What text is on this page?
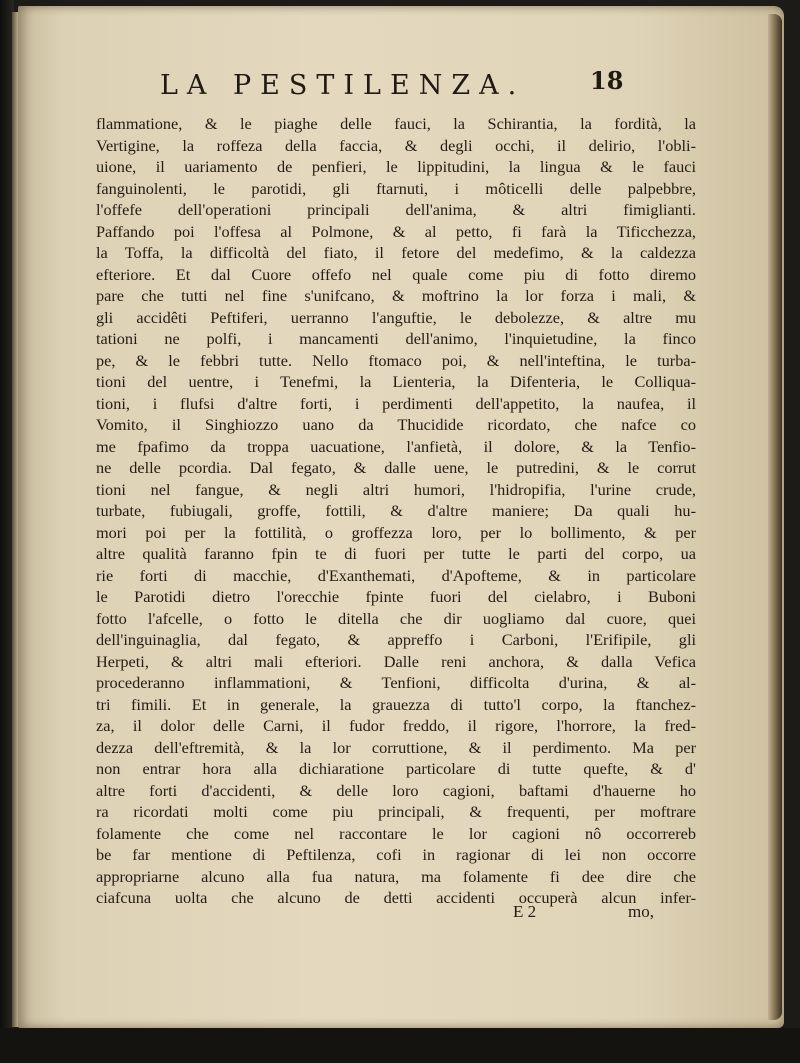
LA PESTILENZA.	18
flammatione, & le piaghe delle fauci, la Schirantia, la fordità, la
Vertigine, la roffeza della faccia, & degli occhi, il delirio, l'obli-
uione, il uariamento de penfieri, le lippitudini, la lingua & le fauci
fanguinolenti, le parotidi, gli ftarnuti, i môticelli delle palpebbre,
l'offefe dell'operationi principali dell'anima, & altri fimiglianti.
Paffando poi l'offesa al Polmone, & al petto, fi farà la Tificchezza,
la Toffa, la difficoltà del fiato, il fetore del medefimo, & la caldezza
efteriore. Et dal Cuore offefo nel quale come piu di fotto diremo
pare che tutti nel fine s'unifcano, & moftrino la lor forza i mali, &
gli accidêti Peftiferi, uerranno l'anguftie, le debolezze, & altre mu
tationi ne polfi, i mancamenti dell'animo, l'inquietudine, la finco
pe, & le febbri tutte. Nello ftomaco poi, & nell'inteftina, le turba-
tioni del uentre, i Tenefmi, la Lienteria, la Difenteria, le Colliqua-
tioni, i flufsi d'altre forti, i perdimenti dell'appetito, la naufea, il
Vomito, il Singhiozzo uano da Thucidide ricordato, che nafce co
me fpafimo da troppa uacuatione, l'anfietà, il dolore, & la Tenfio-
ne delle pcordia. Dal fegato, & dalle uene, le putredini, & le corrut
tioni nel fangue, & negli altri humori, l'hidropifia, l'urine crude,
turbate, fubiugali, groffe, fottili, & d'altre maniere; Da quali hu-
mori poi per la fottilità, o groffezza loro, per lo bollimento, & per
altre qualità faranno fpin te di fuori per tutte le parti del corpo, ua
rie forti di macchie, d'Exanthemati, d'Apofteme, & in particolare
le Parotidi dietro l'orecchie fpinte fuori del cielabro, i Buboni
fotto l'afcelle, o fotto le ditella che dir uogliamo dal cuore, quei
dell'inguinaglia, dal fegato, & appreffo i Carboni, l'Erifipile, gli
Herpeti, & altri mali efteriori. Dalle reni anchora, & dalla Vefica
procederanno inflammationi, & Tenfioni, difficolta d'urina, & al-
tri fimili. Et in generale, la grauezza di tutto'l corpo, la ftanchez-
za, il dolor delle Carni, il fudor freddo, il rigore, l'horrore, la fred-
dezza dell'eftremità, & la lor corruttione, & il perdimento. Ma per
non entrar hora alla dichiaratione particolare di tutte quefte, & d'
altre forti d'accidenti, & delle loro cagioni, baftami d'hauerne ho
ra ricordati molti come piu principali, & frequenti, per moftrare
folamente che come nel raccontare le lor cagioni nô occorrereb
be far mentione di Peftilenza, cofi in ragionar di lei non occorre
appropriarne alcuno alla fua natura, ma folamente fi dee dire che
ciafcuna uolta che alcuno de detti accidenti occuperà alcun infer-
E 2	mo,
